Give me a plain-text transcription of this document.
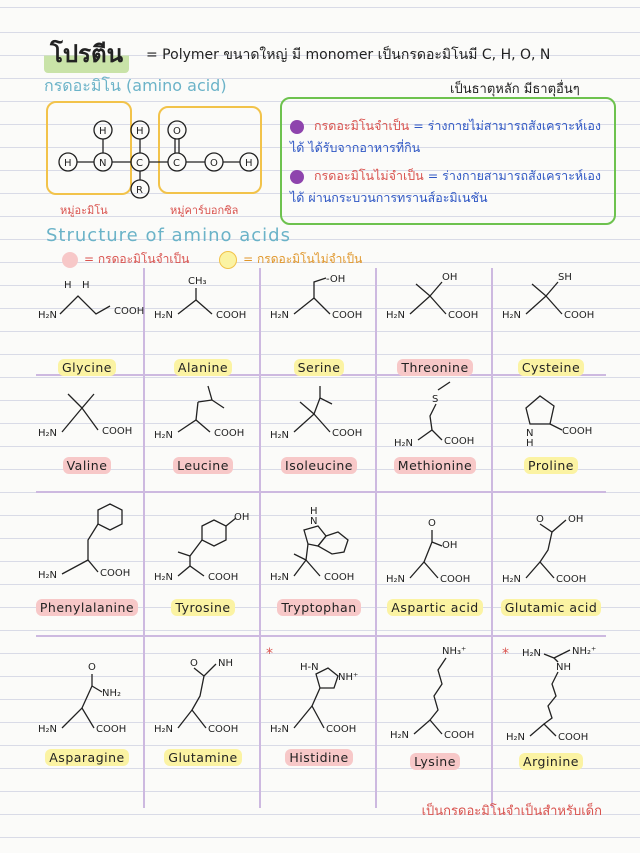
โปรตีน	= Polymer ขนาดใหญ่ มี monomer เป็นกรดอะมิโนมี C, H, O, N
เป็นธาตุหลัก มีธาตุอื่นๆ
กรดอะมิโน (amino acid)
H	N
H
C
H
R
C
O
O	H
หมู่อะมิโน	หมู่คาร์บอกซิล
กรดอะมิโนจำเป็น = ร่างกายไม่สามารถสังเคราะห์เองได้ ได้รับจากอาหารที่กิน
กรดอะมิโนไม่จำเป็น = ร่างกายสามารถสังเคราะห์เองได้ ผ่านกระบวนการทรานส์อะมิเนชัน
Structure of amino acids
= กรดอะมิโนจำเป็น	= กรดอะมิโนไม่จำเป็น
H H
H₂N	COOH
Glycine
CH₃
H₂N	COOH
Alanine
-OH
H₂N	COOH
Serine
OH
H₂N	COOH
Threonine
SH
H₂N	COOH
Cysteine
H₂N	COOH
Valine
H₂N	COOH
Leucine
H₂N	COOH
Isoleucine
S
H₂N	COOH
Methionine
N
H
COOH
Proline
H₂N	COOH
Phenylalanine
OH
H₂N	COOH
Tyrosine
H
N
H₂N	COOH
Tryptophan
O
OH
H₂N	COOH
Aspartic acid
O OH
H₂N	COOH
Glutamic acid
O
NH₂
H₂N	COOH
Asparagine
O NH
H₂N	COOH
Glutamine
*
H-N
NH⁺
H₂N	COOH
Histidine
NH₃⁺
H₂N	COOH
Lysine
* H₂N	NH₂⁺
NH
H₂N	COOH
Arginine
เป็นกรดอะมิโนจำเป็นสำหรับเด็ก
